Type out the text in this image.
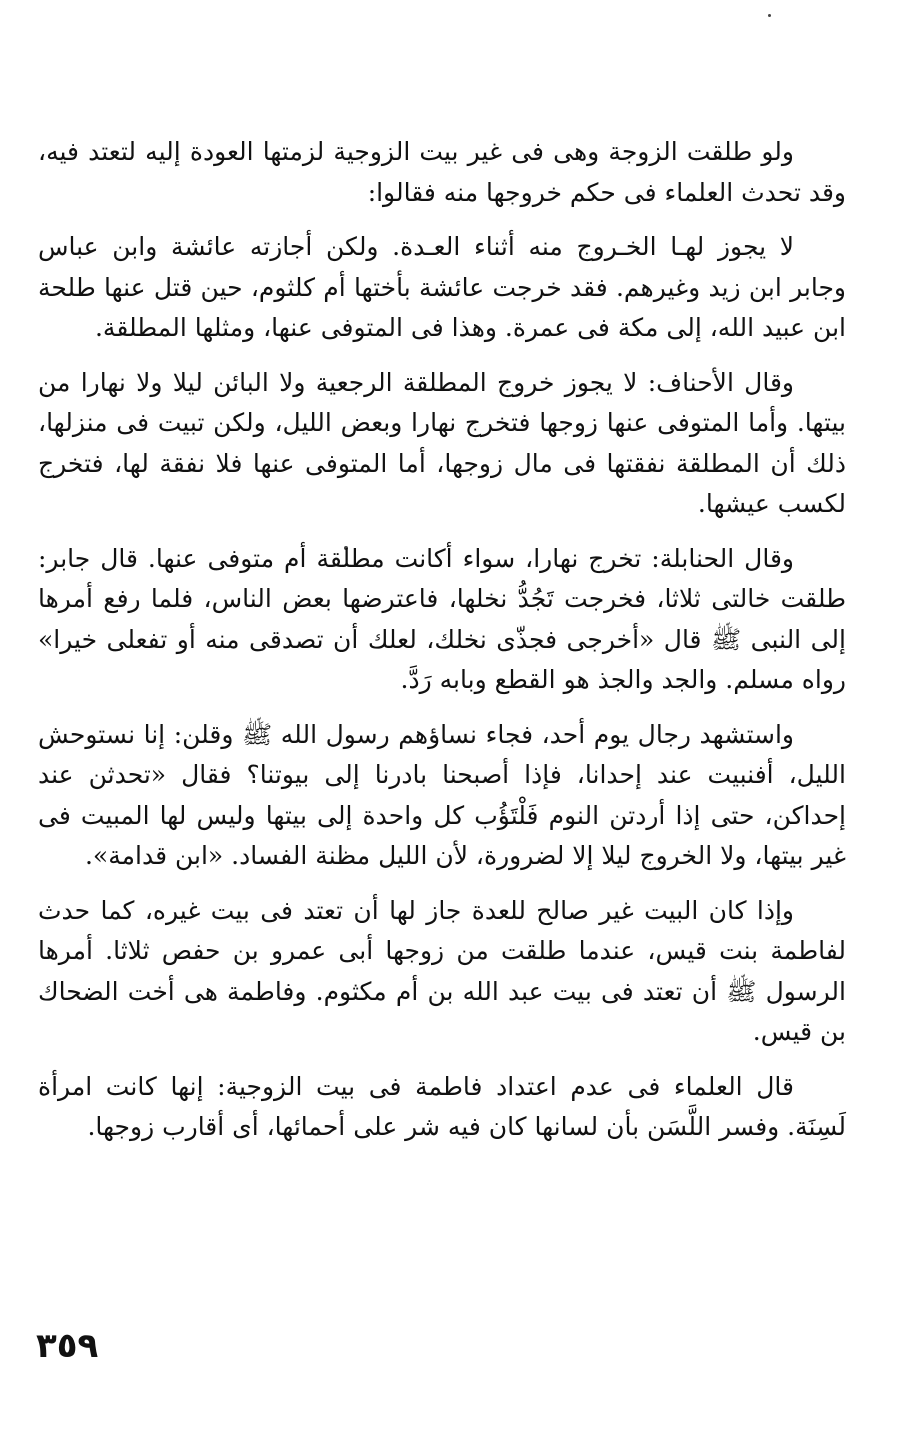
ولو طلقت الزوجة وهى فى غير بيت الزوجية لزمتها العودة إليه لتعتد فيه، وقد تحدث العلماء فى حكم خروجها منه فقالوا:

لا يجوز لهـا الخـروج منه أثناء العـدة. ولكن أجازته عائشة وابن عباس وجابر ابن زيد وغيرهم. فقد خرجت عائشة بأختها أم كلثوم، حين قتل عنها طلحة ابن عبيد الله، إلى مكة فى عمرة. وهذا فى المتوفى عنها، ومثلها المطلقة.

وقال الأحناف: لا يجوز خروج المطلقة الرجعية ولا البائن ليلا ولا نهارا من بيتها. وأما المتوفى عنها زوجها فتخرج نهارا وبعض الليل، ولكن تبيت فى منزلها، ذلك أن المطلقة نفقتها فى مال زوجها، أما المتوفى عنها فلا نفقة لها، فتخرج لكسب عيشها.

وقال الحنابلة: تخرج نهارا، سواء أكانت مطلقة أم متوفى عنها. قال جابر: طلقت خالتى ثلاثا، فخرجت تَجُدُّ نخلها، فاعترضها بعض الناس، فلما رفع أمرها إلى النبى ﷺ قال «أخرجى فجذّى نخلك، لعلك أن تصدقى منه أو تفعلى خيرا» رواه مسلم. والجد والجذ هو القطع وبابه رَدَّ.

واستشهد رجال يوم أحد، فجاء نساؤهم رسول الله ﷺ وقلن: إنا نستوحش الليل، أفنبيت عند إحدانا، فإذا أصبحنا بادرنا إلى بيوتنا؟ فقال «تحدثن عند إحداكن، حتى إذا أردتن النوم فَلْتَؤُب كل واحدة إلى بيتها وليس لها المبيت فى غير بيتها، ولا الخروج ليلا إلا لضرورة، لأن الليل مظنة الفساد. «ابن قدامة».

وإذا كان البيت غير صالح للعدة جاز لها أن تعتد فى بيت غيره، كما حدث لفاطمة بنت قيس، عندما طلقت من زوجها أبى عمرو بن حفص ثلاثا. أمرها الرسول ﷺ أن تعتد فى بيت عبد الله بن أم مكثوم. وفاطمة هى أخت الضحاك بن قيس.

قال العلماء فى عدم اعتداد فاطمة فى بيت الزوجية: إنها كانت امرأة لَسِنَة. وفسر اللَّسَن بأن لسانها كان فيه شر على أحمائها، أى أقارب زوجها.

٣٥٩
